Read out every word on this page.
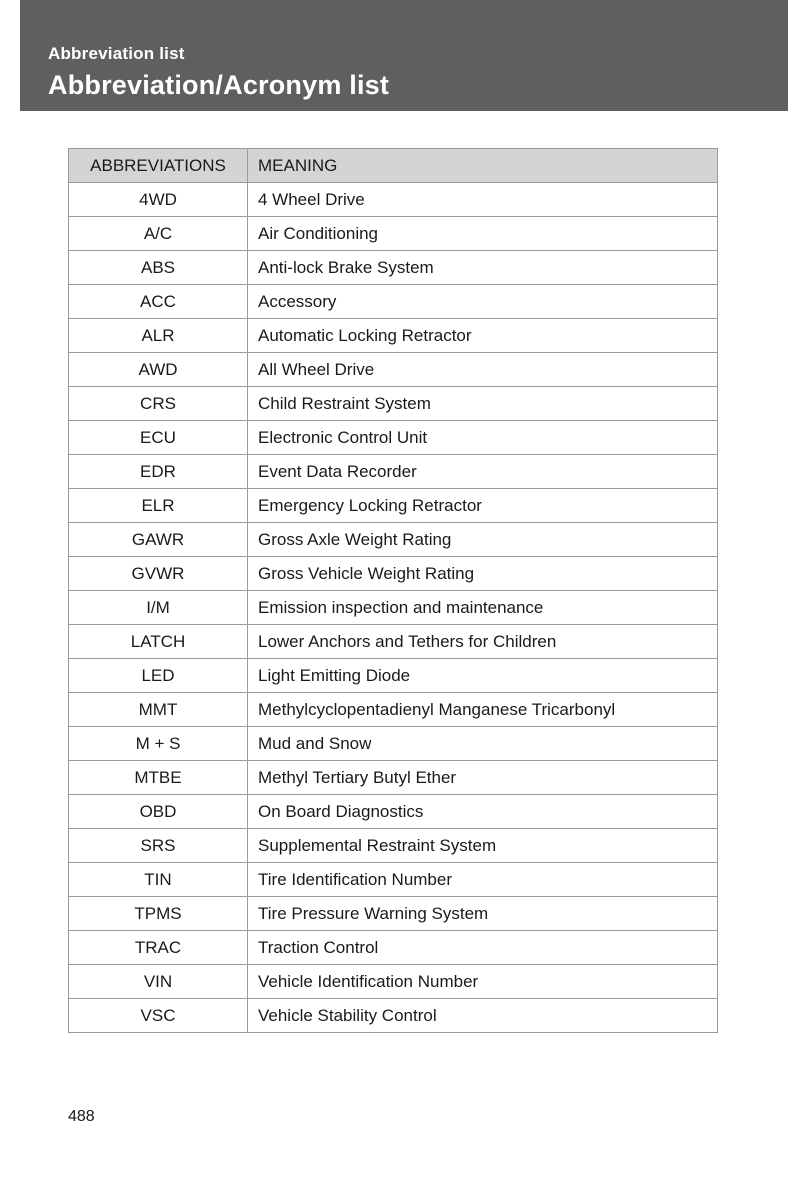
Abbreviation list
Abbreviation/Acronym list
ABBREVIATIONS	MEANING
4WD	4 Wheel Drive
A/C	Air Conditioning
ABS	Anti-lock Brake System
ACC	Accessory
ALR	Automatic Locking Retractor
AWD	All Wheel Drive
CRS	Child Restraint System
ECU	Electronic Control Unit
EDR	Event Data Recorder
ELR	Emergency Locking Retractor
GAWR	Gross Axle Weight Rating
GVWR	Gross Vehicle Weight Rating
I/M	Emission inspection and maintenance
LATCH	Lower Anchors and Tethers for Children
LED	Light Emitting Diode
MMT	Methylcyclopentadienyl Manganese Tricarbonyl
M + S	Mud and Snow
MTBE	Methyl Tertiary Butyl Ether
OBD	On Board Diagnostics
SRS	Supplemental Restraint System
TIN	Tire Identification Number
TPMS	Tire Pressure Warning System
TRAC	Traction Control
VIN	Vehicle Identification Number
VSC	Vehicle Stability Control
488
